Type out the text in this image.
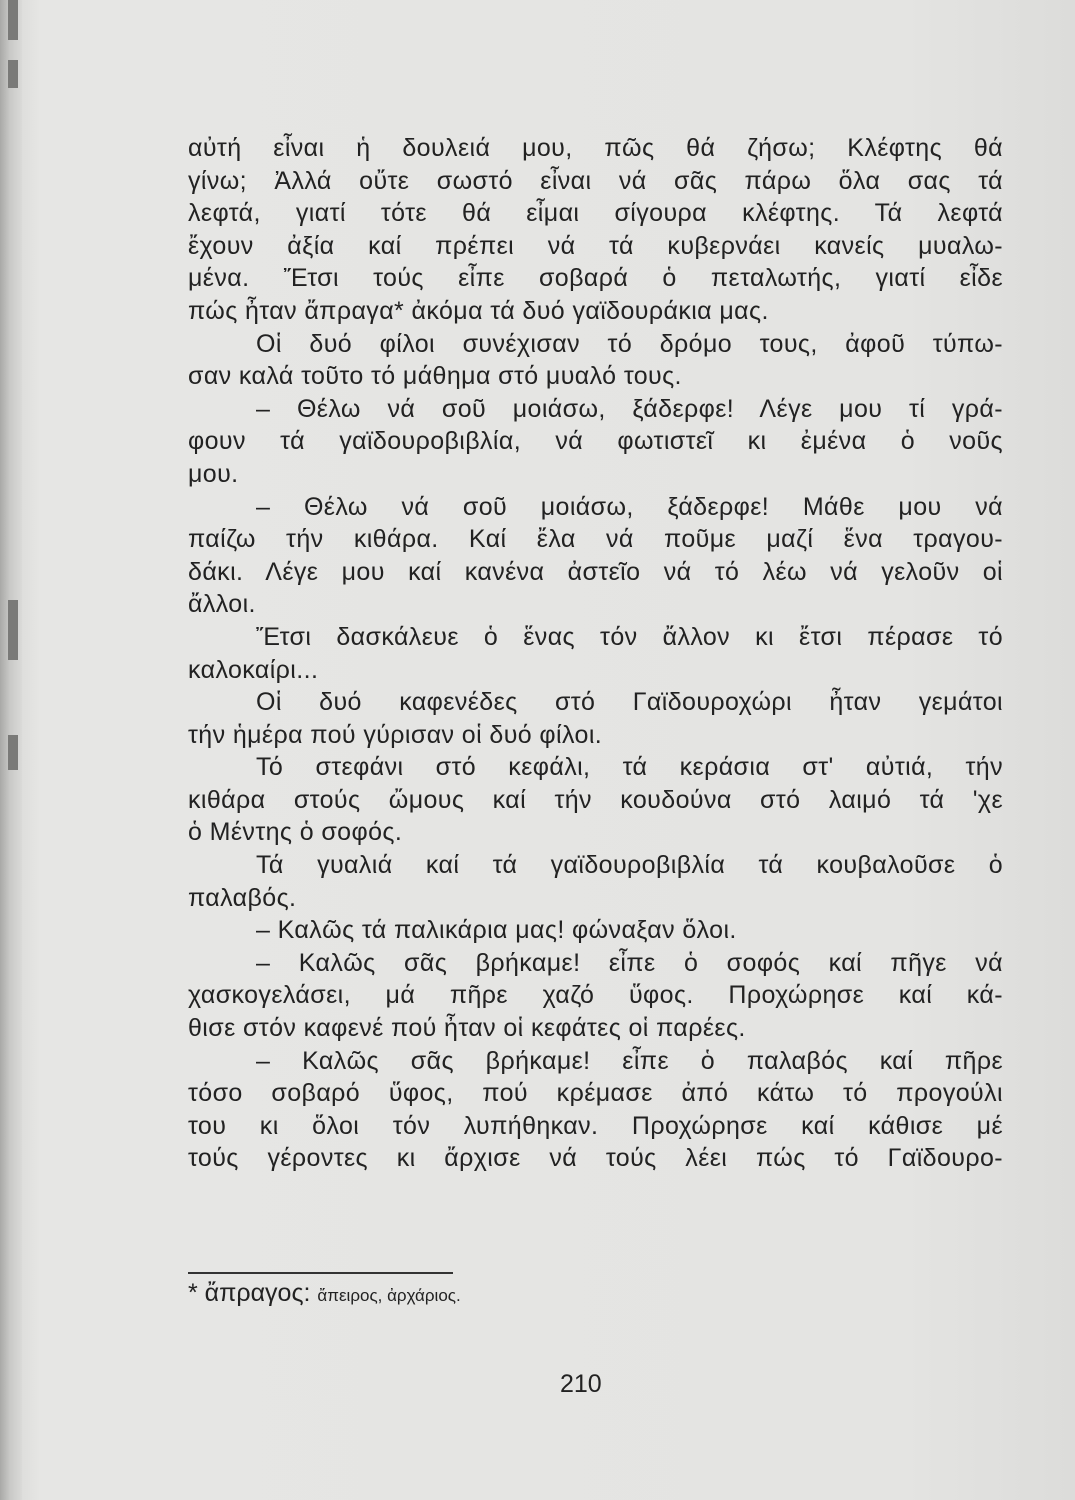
αὐτή εἶναι ἡ δουλειά μου, πῶς θά ζήσω; Κλέφτης θά
γίνω; Ἀλλά οὔτε σωστό εἶναι νά σᾶς πάρω ὅλα σας τά
λεφτά, γιατί τότε θά εἶμαι σίγουρα κλέφτης. Τά λεφτά
ἔχουν ἀξία καί πρέπει νά τά κυβερνάει κανείς μυαλω-
μένα. Ἔτσι τούς εἶπε σοβαρά ὁ πεταλωτής, γιατί εἶδε
πώς ἦταν ἄπραγα* ἀκόμα τά δυό γαϊδουράκια μας.
Οἱ δυό φίλοι συνέχισαν τό δρόμο τους, ἀφοῦ τύπω-
σαν καλά τοῦτο τό μάθημα στό μυαλό τους.
– Θέλω νά σοῦ μοιάσω, ξάδερφε! Λέγε μου τί γρά-
φουν τά γαϊδουροβιβλία, νά φωτιστεῖ κι ἐμένα ὁ νοῦς
μου.
– Θέλω νά σοῦ μοιάσω, ξάδερφε! Μάθε μου νά
παίζω τήν κιθάρα. Καί ἔλα νά ποῦμε μαζί ἕνα τραγου-
δάκι. Λέγε μου καί κανένα ἀστεῖο νά τό λέω νά γελοῦν οἱ
ἄλλοι.
Ἔτσι δασκάλευε ὁ ἕνας τόν ἄλλον κι ἔτσι πέρασε τό
καλοκαίρι...
Οἱ δυό καφενέδες στό Γαϊδουροχώρι ἦταν γεμάτοι
τήν ἡμέρα πού γύρισαν οἱ δυό φίλοι.
Τό στεφάνι στό κεφάλι, τά κεράσια στ' αὐτιά, τήν
κιθάρα στούς ὤμους καί τήν κουδούνα στό λαιμό τά 'χε
ὁ Μέντης ὁ σοφός.
Τά γυαλιά καί τά γαϊδουροβιβλία τά κουβαλοῦσε ὁ
παλαβός.
– Καλῶς τά παλικάρια μας! φώναξαν ὅλοι.
– Καλῶς σᾶς βρήκαμε! εἶπε ὁ σοφός καί πῆγε νά
χασκογελάσει, μά πῆρε χαζό ὕφος. Προχώρησε καί κά-
θισε στόν καφενέ πού ἦταν οἱ κεφάτες οἱ παρέες.
– Καλῶς σᾶς βρήκαμε! εἶπε ὁ παλαβός καί πῆρε
τόσο σοβαρό ὕφος, πού κρέμασε ἀπό κάτω τό προγούλι
του κι ὅλοι τόν λυπήθηκαν. Προχώρησε καί κάθισε μέ
τούς γέροντες κι ἄρχισε νά τούς λέει πώς τό Γαϊδουρο-
* ἄπραγος: ἄπειρος, ἀρχάριος.
210
